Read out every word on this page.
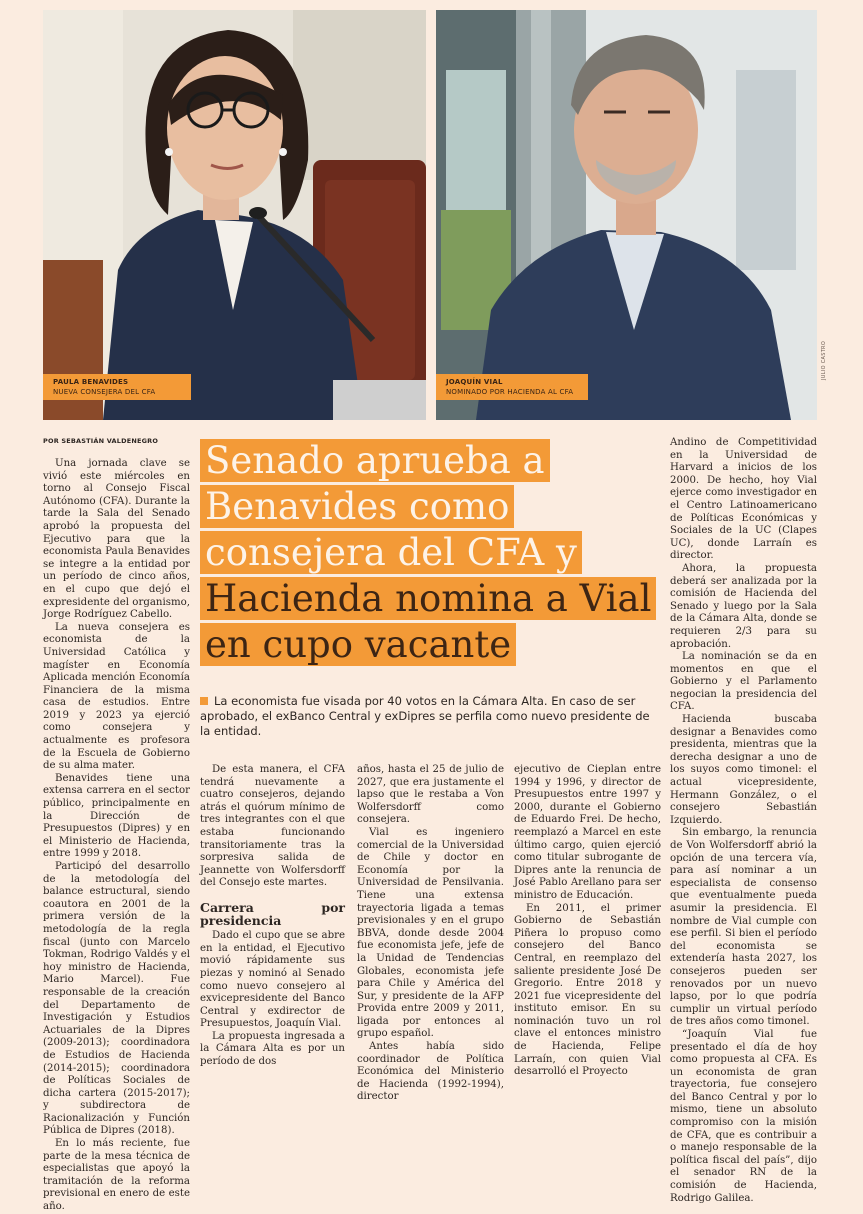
PAULA BENAVIDES
NUEVA CONSEJERA DEL CFA
JOAQUÍN VIAL
NOMINADO POR HACIENDA AL CFA
JULIO CASTRO
POR SEBASTIÁN VALDENEGRO Senado aprueba a Benavides como consejera del CFA y Hacienda nomina a Vial en cupo vacante
La economista fue visada por 40 votos en la Cámara Alta. En caso de ser aprobado, el exBanco Central y exDipres se perfila como nuevo presidente de la entidad.

Una jornada clave se vivió este miércoles en torno al Consejo Fiscal Autónomo (CFA). Durante la tarde la Sala del Senado aprobó la propuesta del Ejecutivo para que la economista Paula Benavides se integre a la entidad por un período de cinco años, en el cupo que dejó el expresidente del organismo, Jorge Rodríguez Cabello.

La nueva consejera es economista de la Universidad Católica y magíster en Economía Aplicada mención Economía Financiera de la misma casa de estudios. Entre 2019 y 2023 ya ejerció como consejera y actualmente es profesora de la Escuela de Gobierno de su alma mater.

Benavides tiene una extensa carrera en el sector público, principalmente en la Dirección de Presupuestos (Dipres) y en el Ministerio de Hacienda, entre 1999 y 2018.

Participó del desarrollo de la metodología del balance estructural, siendo coautora en 2001 de la primera versión de la metodología de la regla fiscal (junto con Marcelo Tokman, Rodrigo Valdés y el hoy ministro de Hacienda, Mario Marcel). Fue responsable de la creación del Departamento de Investigación y Estudios Actuariales de la Dipres (2009-2013); coordinadora de Estudios de Hacienda (2014-2015); coordinadora de Políticas Sociales de dicha cartera (2015-2017); y subdirectora de Racionalización y Función Pública de Dipres (2018).

En lo más reciente, fue parte de la mesa técnica de especialistas que apoyó la tramitación de la reforma previsional en enero de este año.

De esta manera, el CFA tendrá nuevamente a cuatro consejeros, dejando atrás el quórum mínimo de tres integrantes con el que estaba funcionando transitoriamente tras la sorpresiva salida de Jeannette von Wolfersdorff del Consejo este martes.

Carrera por presidencia

Dado el cupo que se abre en la entidad, el Ejecutivo movió rápidamente sus piezas y nominó al Senado como nuevo consejero al exvicepresidente del Banco Central y exdirector de Presupuestos, Joaquín Vial.

La propuesta ingresada a la Cámara Alta es por un período de dos

años, hasta el 25 de julio de 2027, que era justamente el lapso que le restaba a Von Wolfersdorff como consejera.

Vial es ingeniero comercial de la Universidad de Chile y doctor en Economía por la Universidad de Pensilvania. Tiene una extensa trayectoria ligada a temas previsionales y en el grupo BBVA, donde desde 2004 fue economista jefe, jefe de la Unidad de Tendencias Globales, economista jefe para Chile y América del Sur, y presidente de la AFP Provida entre 2009 y 2011, ligada por entonces al grupo español.

Antes había sido coordinador de Política Económica del Ministerio de Hacienda (1992-1994), director

ejecutivo de Cieplan entre 1994 y 1996, y director de Presupuestos entre 1997 y 2000, durante el Gobierno de Eduardo Frei. De hecho, reemplazó a Marcel en este último cargo, quien ejerció como titular subrogante de Dipres ante la renuncia de José Pablo Arellano para ser ministro de Educación.

En 2011, el primer Gobierno de Sebastián Piñera lo propuso como consejero del Banco Central, en reemplazo del saliente presidente José De Gregorio. Entre 2018 y 2021 fue vicepresidente del instituto emisor. En su nominación tuvo un rol clave el entonces ministro de Hacienda, Felipe Larraín, con quien Vial desarrolló el Proyecto

Andino de Competitividad en la Universidad de Harvard a inicios de los 2000. De hecho, hoy Vial ejerce como investigador en el Centro Latinoamericano de Políticas Económicas y Sociales de la UC (Clapes UC), donde Larraín es director.

Ahora, la propuesta deberá ser analizada por la comisión de Hacienda del Senado y luego por la Sala de la Cámara Alta, donde se requieren 2/3 para su aprobación.

La nominación se da en momentos en que el Gobierno y el Parlamento negocian la presidencia del CFA.

Hacienda buscaba designar a Benavides como presidenta, mientras que la derecha designar a uno de los suyos como timonel: el actual vicepresidente, Hermann González, o el consejero Sebastián Izquierdo.

Sin embargo, la renuncia de Von Wolfersdorff abrió la opción de una tercera vía, para así nominar a un especialista de consenso que eventualmente pueda asumir la presidencia. El nombre de Vial cumple con ese perfil. Si bien el período del economista se extendería hasta 2027, los consejeros pueden ser renovados por un nuevo lapso, por lo que podría cumplir un virtual período de tres años como timonel.

“Joaquín Vial fue presentado el día de hoy como propuesta al CFA. Es un economista de gran trayectoria, fue consejero del Banco Central y por lo mismo, tiene un absoluto compromiso con la misión de CFA, que es contribuir a o manejo responsable de la política fiscal del país”, dijo el senador RN de la comisión de Hacienda, Rodrigo Galilea.
